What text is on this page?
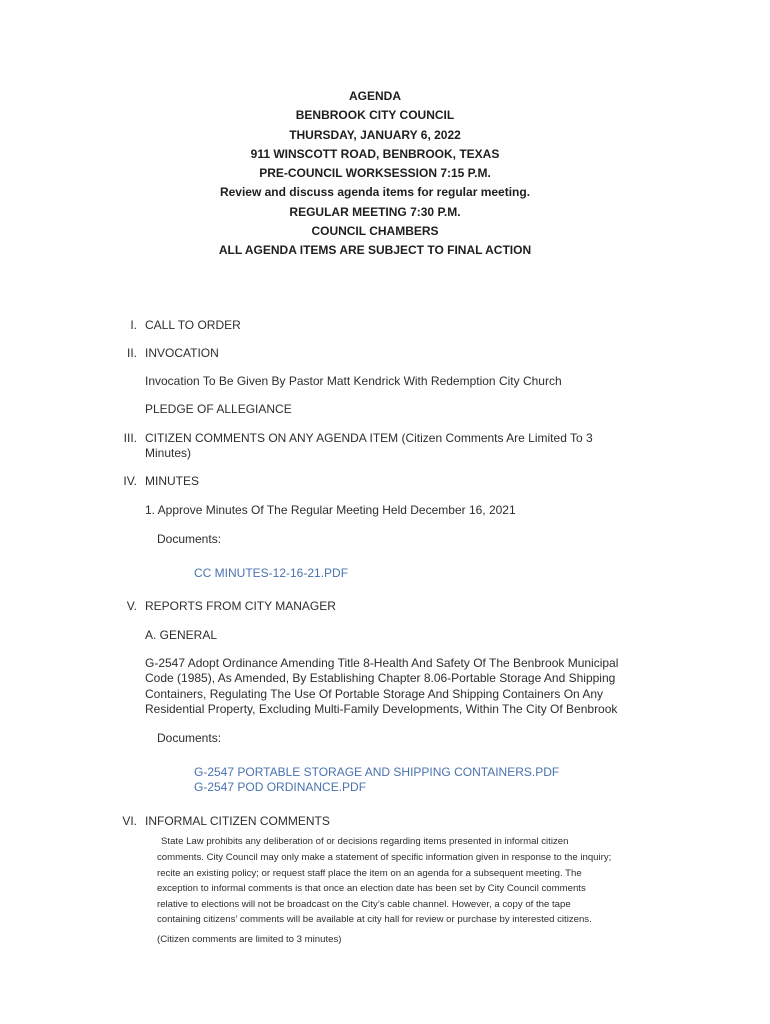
AGENDA
BENBROOK CITY COUNCIL
THURSDAY, JANUARY 6, 2022
911 WINSCOTT ROAD, BENBROOK, TEXAS
PRE-COUNCIL WORKSESSION 7:15 P.M.
Review and discuss agenda items for regular meeting.
REGULAR MEETING 7:30 P.M.
COUNCIL CHAMBERS
ALL AGENDA ITEMS ARE SUBJECT TO FINAL ACTION
I. CALL TO ORDER
II. INVOCATION
Invocation To Be Given By Pastor Matt Kendrick With Redemption City Church
PLEDGE OF ALLEGIANCE
III. CITIZEN COMMENTS ON ANY AGENDA ITEM (Citizen Comments Are Limited To 3
Minutes)
IV. MINUTES
1. Approve Minutes Of The Regular Meeting Held December 16, 2021
Documents:
CC MINUTES-12-16-21.PDF
V. REPORTS FROM CITY MANAGER
A. GENERAL
G-2547 Adopt Ordinance Amending Title 8-Health And Safety Of The Benbrook Municipal
Code (1985), As Amended, By Establishing Chapter 8.06-Portable Storage And Shipping
Containers, Regulating The Use Of Portable Storage And Shipping Containers On Any
Residential Property, Excluding Multi-Family Developments, Within The City Of Benbrook
Documents:
G-2547 PORTABLE STORAGE AND SHIPPING CONTAINERS.PDF
G-2547 POD ORDINANCE.PDF
VI. INFORMAL CITIZEN COMMENTS
State Law prohibits any deliberation of or decisions regarding items presented in informal citizen
comments. City Council may only make a statement of specific information given in response to the inquiry;
recite an existing policy; or request staff place the item on an agenda for a subsequent meeting. The
exception to informal comments is that once an election date has been set by City Council comments
relative to elections will not be broadcast on the City’s cable channel. However, a copy of the tape
containing citizens’ comments will be available at city hall for review or purchase by interested citizens.
(Citizen comments are limited to 3 minutes)
